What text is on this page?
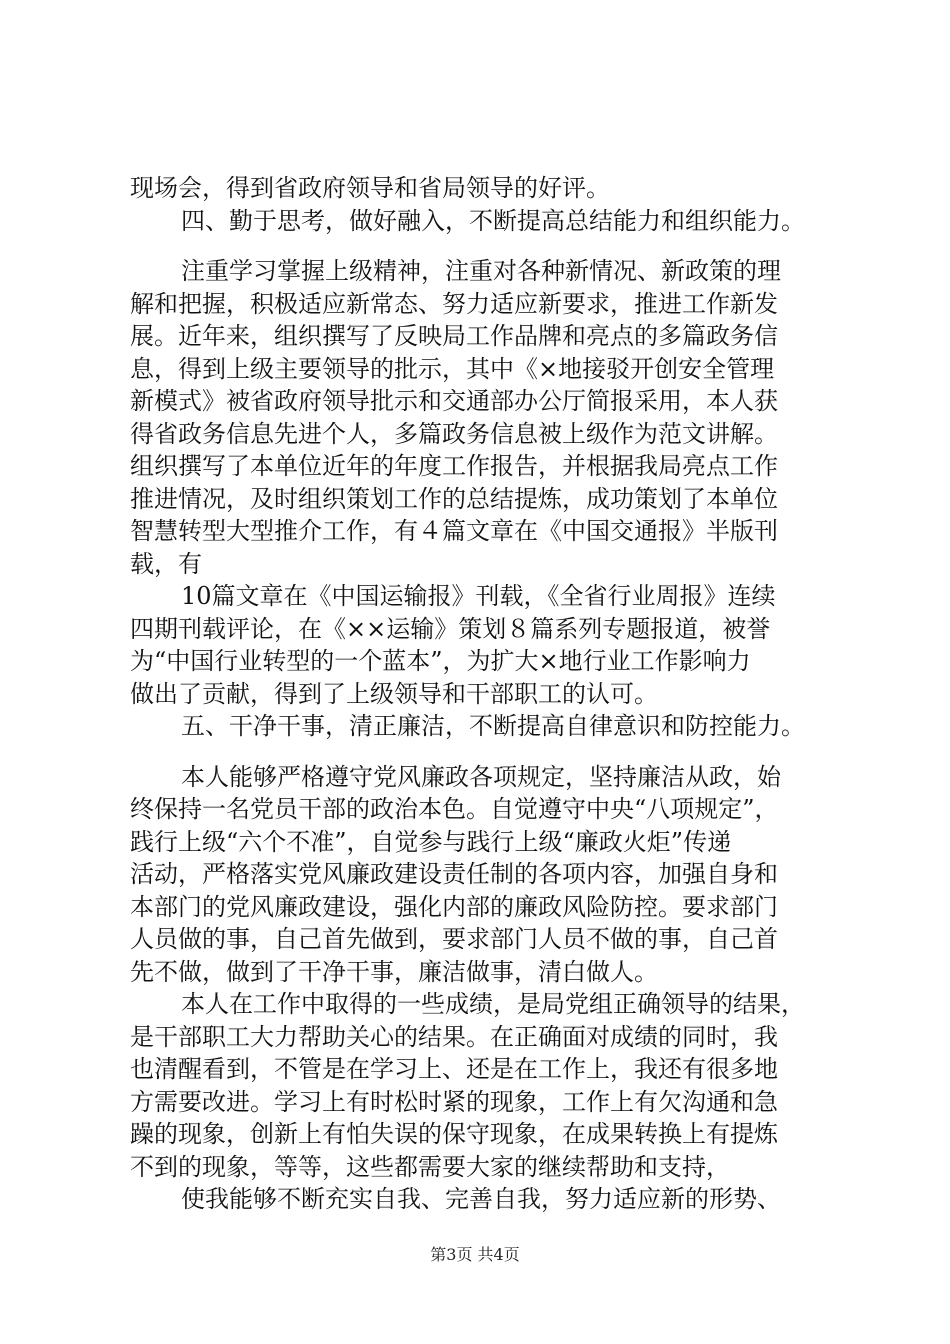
现场会，得到省政府领导和省局领导的好评。
四、勤于思考，做好融入，不断提高总结能力和组织能力。
注重学习掌握上级精神，注重对各种新情况、新政策的理
解和把握，积极适应新常态、努力适应新要求，推进工作新发
展。近年来，组织撰写了反映局工作品牌和亮点的多篇政务信
息，得到上级主要领导的批示，其中《×地接驳开创安全管理
新模式》被省政府领导批示和交通部办公厅简报采用，本人获
得省政务信息先进个人，多篇政务信息被上级作为范文讲解。
组织撰写了本单位近年的年度工作报告，并根据我局亮点工作
推进情况，及时组织策划工作的总结提炼，成功策划了本单位
智慧转型大型推介工作，有４篇文章在《中国交通报》半版刊
载，有
10篇文章在《中国运输报》刊载，《全省行业周报》连续
四期刊载评论，在《××运输》策划８篇系列专题报道，被誉
为“中国行业转型的一个蓝本”，为扩大×地行业工作影响力
做出了贡献，得到了上级领导和干部职工的认可。
五、干净干事，清正廉洁，不断提高自律意识和防控能力。
本人能够严格遵守党风廉政各项规定，坚持廉洁从政，始
终保持一名党员干部的政治本色。自觉遵守中央“八项规定”，
践行上级“六个不准”，自觉参与践行上级“廉政火炬”传递
活动，严格落实党风廉政建设责任制的各项内容，加强自身和
本部门的党风廉政建设，强化内部的廉政风险防控。要求部门
人员做的事，自己首先做到，要求部门人员不做的事，自己首
先不做，做到了干净干事，廉洁做事，清白做人。
本人在工作中取得的一些成绩，是局党组正确领导的结果，
是干部职工大力帮助关心的结果。在正确面对成绩的同时，我
也清醒看到，不管是在学习上、还是在工作上，我还有很多地
方需要改进。学习上有时松时紧的现象，工作上有欠沟通和急
躁的现象，创新上有怕失误的保守现象，在成果转换上有提炼
不到的现象，等等，这些都需要大家的继续帮助和支持，
使我能够不断充实自我、完善自我，努力适应新的形势、
第3页 共4页
